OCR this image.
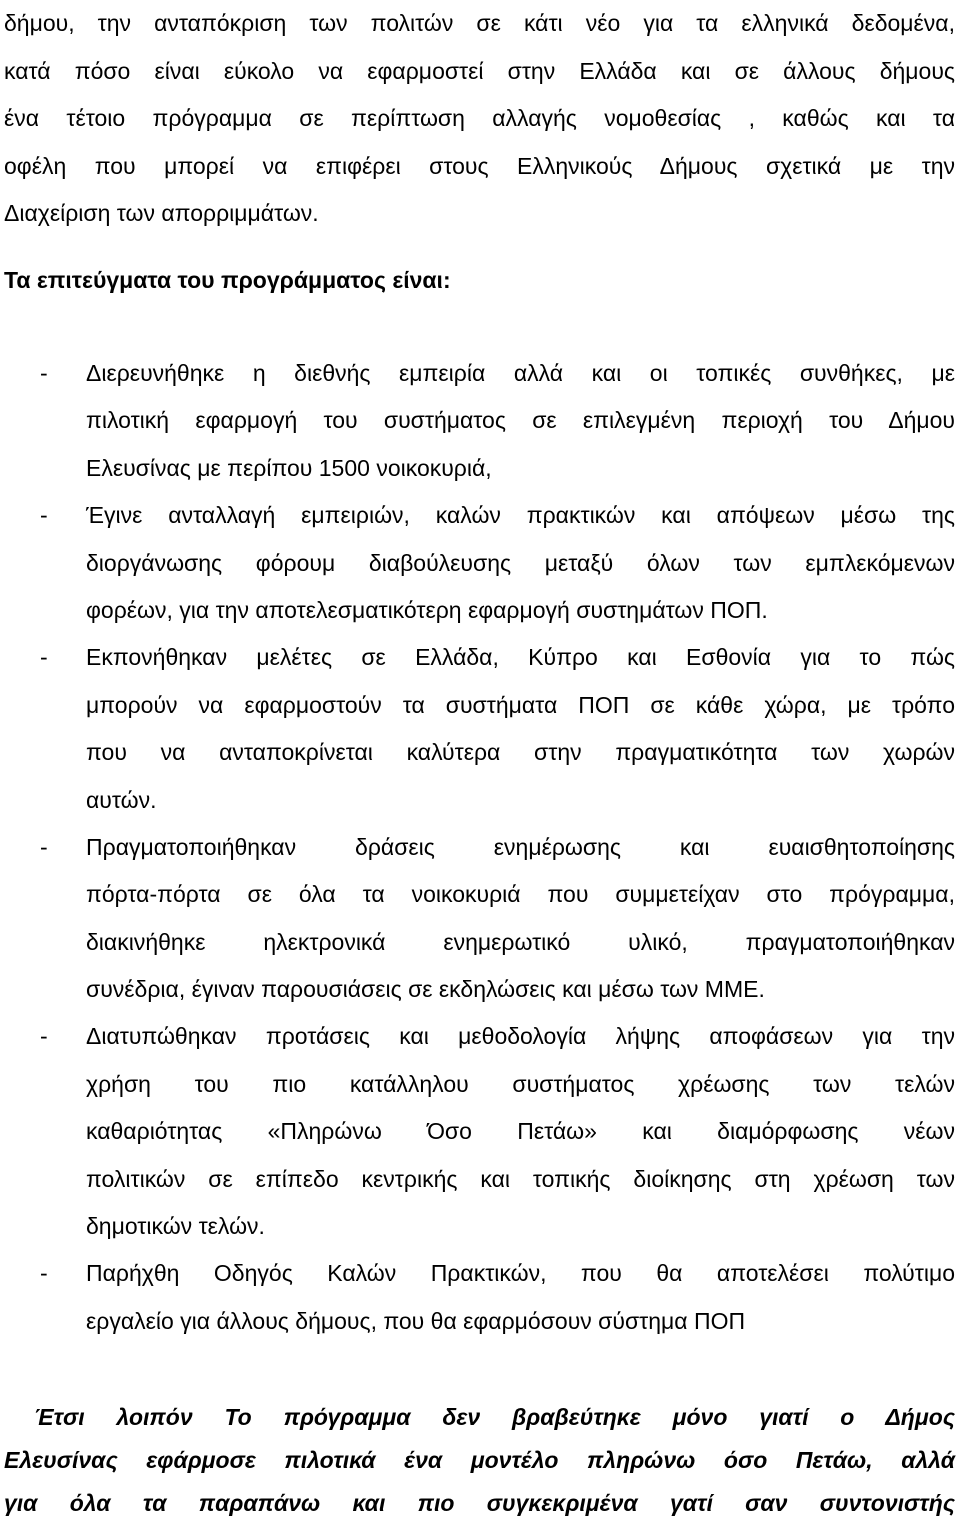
δήμου, την ανταπόκριση των πολιτών σε κάτι νέο για τα ελληνικά δεδομένα,
κατά πόσο είναι εύκολο να εφαρμοστεί στην Ελλάδα και σε άλλους δήμους
ένα τέτοιο πρόγραμμα σε περίπτωση αλλαγής νομοθεσίας , καθώς και τα
οφέλη που μπορεί να επιφέρει στους Ελληνικούς Δήμους σχετικά με την
Διαχείριση των απορριμμάτων.
Τα επιτεύγματα του προγράμματος είναι:
- Διερευνήθηκε η διεθνής εμπειρία αλλά και οι τοπικές συνθήκες, με
πιλοτική εφαρμογή του συστήματος σε επιλεγμένη περιοχή του Δήμου
Ελευσίνας με περίπου 1500 νοικοκυριά,
- Έγινε ανταλλαγή εμπειριών, καλών πρακτικών και απόψεων μέσω της
διοργάνωσης φόρουμ διαβούλευσης μεταξύ όλων των εμπλεκόμενων
φορέων, για την αποτελεσματικότερη εφαρμογή συστημάτων ΠΟΠ.
- Εκπονήθηκαν μελέτες σε Ελλάδα, Κύπρο και Εσθονία για το πώς
μπορούν να εφαρμοστούν τα συστήματα ΠΟΠ σε κάθε χώρα, με τρόπο
που να ανταποκρίνεται καλύτερα στην πραγματικότητα των χωρών
αυτών.
- Πραγματοποιήθηκαν δράσεις ενημέρωσης και ευαισθητοποίησης
πόρτα-πόρτα σε όλα τα νοικοκυριά που συμμετείχαν στο πρόγραμμα,
διακινήθηκε ηλεκτρονικά ενημερωτικό υλικό, πραγματοποιήθηκαν
συνέδρια, έγιναν παρουσιάσεις σε εκδηλώσεις και μέσω των ΜΜΕ.
- Διατυπώθηκαν προτάσεις και μεθοδολογία λήψης αποφάσεων για την
χρήση του πιο κατάλληλου συστήματος χρέωσης των τελών
καθαριότητας «Πληρώνω Όσο Πετάω» και διαμόρφωσης νέων
πολιτικών σε επίπεδο κεντρικής και τοπικής διοίκησης στη χρέωση των
δημοτικών τελών.
- Παρήχθη Οδηγός Καλών Πρακτικών, που θα αποτελέσει πολύτιμο
εργαλείο για άλλους δήμους, που θα εφαρμόσουν σύστημα ΠΟΠ
Έτσι λοιπόν Το πρόγραμμα δεν βραβεύτηκε μόνο γιατί ο Δήμος
Ελευσίνας εφάρμοσε πιλοτικά ένα μοντέλο πληρώνω όσο Πετάω, αλλά
για όλα τα παραπάνω και πιο συγκεκριμένα γατί σαν συντονιστής
